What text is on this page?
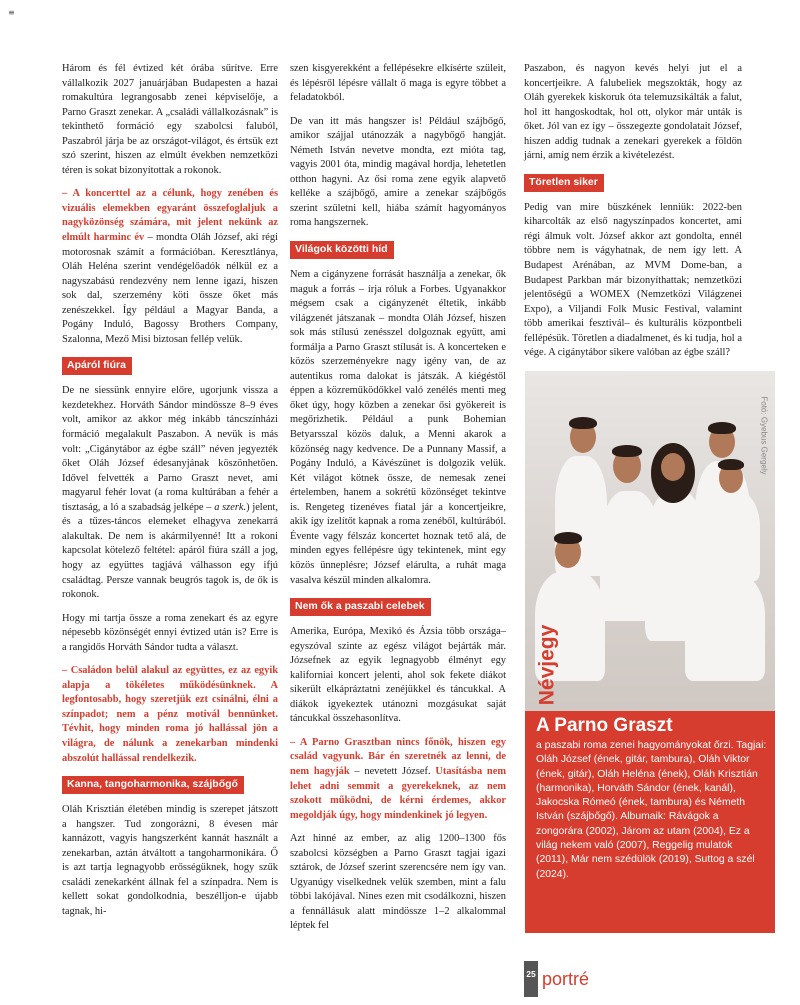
≡

Három és fél évtized két órába sűrítve. Erre vállalkozik 2027 januárjában Budapesten a hazai romakultúra legrangosabb zenei képviselője, a Parno Graszt zenekar. A „családi vállalkozásnak” is tekinthető formáció egy szabolcsi faluból, Paszabról járja be az országot-világot, és értsük ezt szó szerint, hiszen az elmúlt években nemzetközi téren is sokat bizonyítottak a rokonok.

– A koncerttel az a célunk, hogy zenében és vizuális elemekben egyaránt összefoglaljuk a nagyközönség számára, mit jelent nekünk az elmúlt harminc év – mondta Oláh József, aki régi motorosnak számít a formációban. Keresztlánya, Oláh Heléna szerint vendégelőadók nélkül ez a nagyszabású rendezvény nem lenne igazi, hiszen sok dal, szerzemény köti össze őket más zenészekkel. Így például a Magyar Banda, a Pogány Induló, Bagossy Brothers Company, Szalonna, Mező Misi biztosan fellép velük.

Apáról fiúra

De ne siessünk ennyire előre, ugorjunk vissza a kezdetekhez. Horváth Sándor mindössze 8–9 éves volt, amikor az akkor még inkább táncszínházi formáció megalakult Paszabon. A nevük is más volt: „Cigánytábor az égbe száll” néven jegyezték őket Oláh József édesanyjának köszönhetően. Idővel felvették a Parno Graszt nevet, ami magyarul fehér lovat (a roma kultúrában a fehér a tisztaság, a ló a szabadság jelképe – a szerk.) jelent, és a tűzes-táncos elemeket elhagyva zenekarrá alakultak. De nem is akármilyenné! Itt a rokoni kapcsolat kötelező feltétel: apáról fiúra száll a jog, hogy az együttes tagjává válhasson egy ifjú családtag. Persze vannak beugrós tagok is, de ők is rokonok.

Hogy mi tartja össze a roma zenekart és az egyre népesebb közönségét ennyi évtized után is? Erre is a rangidős Horváth Sándor tudta a választ.

– Családon belül alakul az együttes, ez az egyik alapja a tökéletes működésünknek. A legfontosabb, hogy szeretjük ezt csinálni, élni a színpadot; nem a pénz motivál bennünket. Tévhit, hogy minden roma jó hallással jön a világra, de nálunk a zenekarban mindenki abszolút hallással rendelkezik.

Kanna, tangoharmonika, szájbőgő

Oláh Krisztián életében mindig is szerepet játszott a hangszer. Tud zongorázni, 8 évesen már kannázott, vagyis hangszerként kannát használt a zenekarban, aztán átváltott a tangoharmonikára. Ő is azt tartja legnagyobb erősségüknek, hogy szűk családi zenekarként állnak fel a színpadra. Nem is kellett sokat gondolkodnia, beszélljon-e újabb tagnak, hi-

szen kisgyerekként a fellépésekre elkísérte szüleit, és lépésről lépésre vállalt ő maga is egyre többet a feladatokból.

De van itt más hangszer is! Például szájbőgő, amikor szájjal utánozzák a nagybőgő hangját. Németh István nevetve mondta, ezt mióta tag, vagyis 2001 óta, mindig magával hordja, lehetetlen otthon hagyni. Az ősi roma zene egyik alapvető kelléke a szájbőgő, amire a zenekar szájbőgős szerint születni kell, hiába számít hagyományos roma hangszernek.

Világok közötti híd

Nem a cigányzene forrását használja a zenekar, ők maguk a forrás – írja róluk a Forbes. Ugyanakkor mégsem csak a cigányzenét éltetik, inkább világzenét játszanak – mondta Oláh József, hiszen sok más stílusú zenésszel dolgoznak együtt, ami formálja a Parno Graszt stílusát is. A koncerteken e közös szerzeményekre nagy igény van, de az autentikus roma dalokat is játszák. A kiégéstől éppen a közreműködőkkel való zenélés menti meg őket úgy, hogy közben a zenekar ősi gyökereit is megőrizhetik. Például a punk Bohemian Betyarsszal közös daluk, a Menni akarok a közönség nagy kedvence. De a Punnany Massif, a Pogány Induló, a Kávészünet is dolgozik velük. Két világot kötnek össze, de nemesak zenei értelemben, hanem a sokrétű közönséget tekintve is. Rengeteg tizenéves fiatal jár a koncertjeikre, akik így ízelítőt kapnak a roma zenéből, kultúrából. Évente vagy félszáz koncertet hoznak tető alá, de minden egyes fellépésre úgy tekintenek, mint egy közös ünneplésre; József elárulta, a ruhát maga vasalva készül minden alkalomra.

Nem ők a paszabi celebek

Amerika, Európa, Mexikó és Ázsia több országa– egyszóval szinte az egész világot bejárták már. Józsefnek az egyik legnagyobb élményt egy kaliforniai koncert jelenti, ahol sok fekete diákot sikerült elkápráztatni zenéjükkel és táncukkal. A diákok igyekeztek utánozni mozgásukat saját táncukkal összehasonlítva.

– A Parno Grasztban nincs főnök, hiszen egy család vagyunk. Bár én szeretnék az lenni, de nem hagyják – nevetett József. Utasításba nem lehet adni semmit a gyerekeknek, az nem szokott működni, de kérni érdemes, akkor megoldják úgy, hogy mindenkinek jó legyen.

Azt hinné az ember, az alig 1200–1300 fős szabolcsi községben a Parno Graszt tagjai igazi sztárok, de József szerint szerencsére nem így van. Ugyanúgy viselkednek velük szemben, mint a falu többi lakójával. Nines ezen mit csodálkozni, hiszen a fennállásuk alatt mindössze 1–2 alkalommal léptek fel

Paszabon, és nagyon kevés helyi jut el a koncertjeikre. A falubeliek megszokták, hogy az Oláh gyerekek kiskoruk óta telemuzsikálták a falut, hol itt hangoskodtak, hol ott, olykor már unták is őket. Jól van ez így – összegezte gondolatait József, hiszen addig tudnak a zenekari gyerekek a földön járni, amíg nem érzik a kivételezést.

Töretlen siker

Pedig van mire büszkének lenniük: 2022-ben kiharcolták az első nagyszínpados koncertet, ami régi álmuk volt. József akkor azt gondolta, ennél többre nem is vágyhatnak, de nem így lett. A Budapest Arénában, az MVM Dome-ban, a Budapest Parkban már bizonyíthattak; nemzetközi jelentőségű a WOMEX (Nemzetközi Világzenei Expo), a Viljandi Folk Music Festival, valamint több amerikai fesztivál– és kulturális központbeli fellépésük. Töretlen a diadalmenet, és ki tudja, hol a vége. A cigánytábor sikere valóban az égbe száll?

Fotó: Gyebus Gergely
Névjegy
A Parno Graszt

a paszabi roma zenei hagyományokat őrzi. Tagjai: Oláh József (ének, gitár, tambura), Oláh Viktor (ének, gitár), Oláh Heléna (ének), Oláh Krisztián (harmonika), Horváth Sándor (ének, kanál), Jakocska Rómeó (ének, tambura) és Németh István (szájbőgő). Albumaik: Rávágok a zongorára (2002), Járom az utam (2004), Ez a világ nekem való (2007), Reggelig mulatok (2011), Már nem szédülök (2019), Suttog a szél (2024).

25 portré
